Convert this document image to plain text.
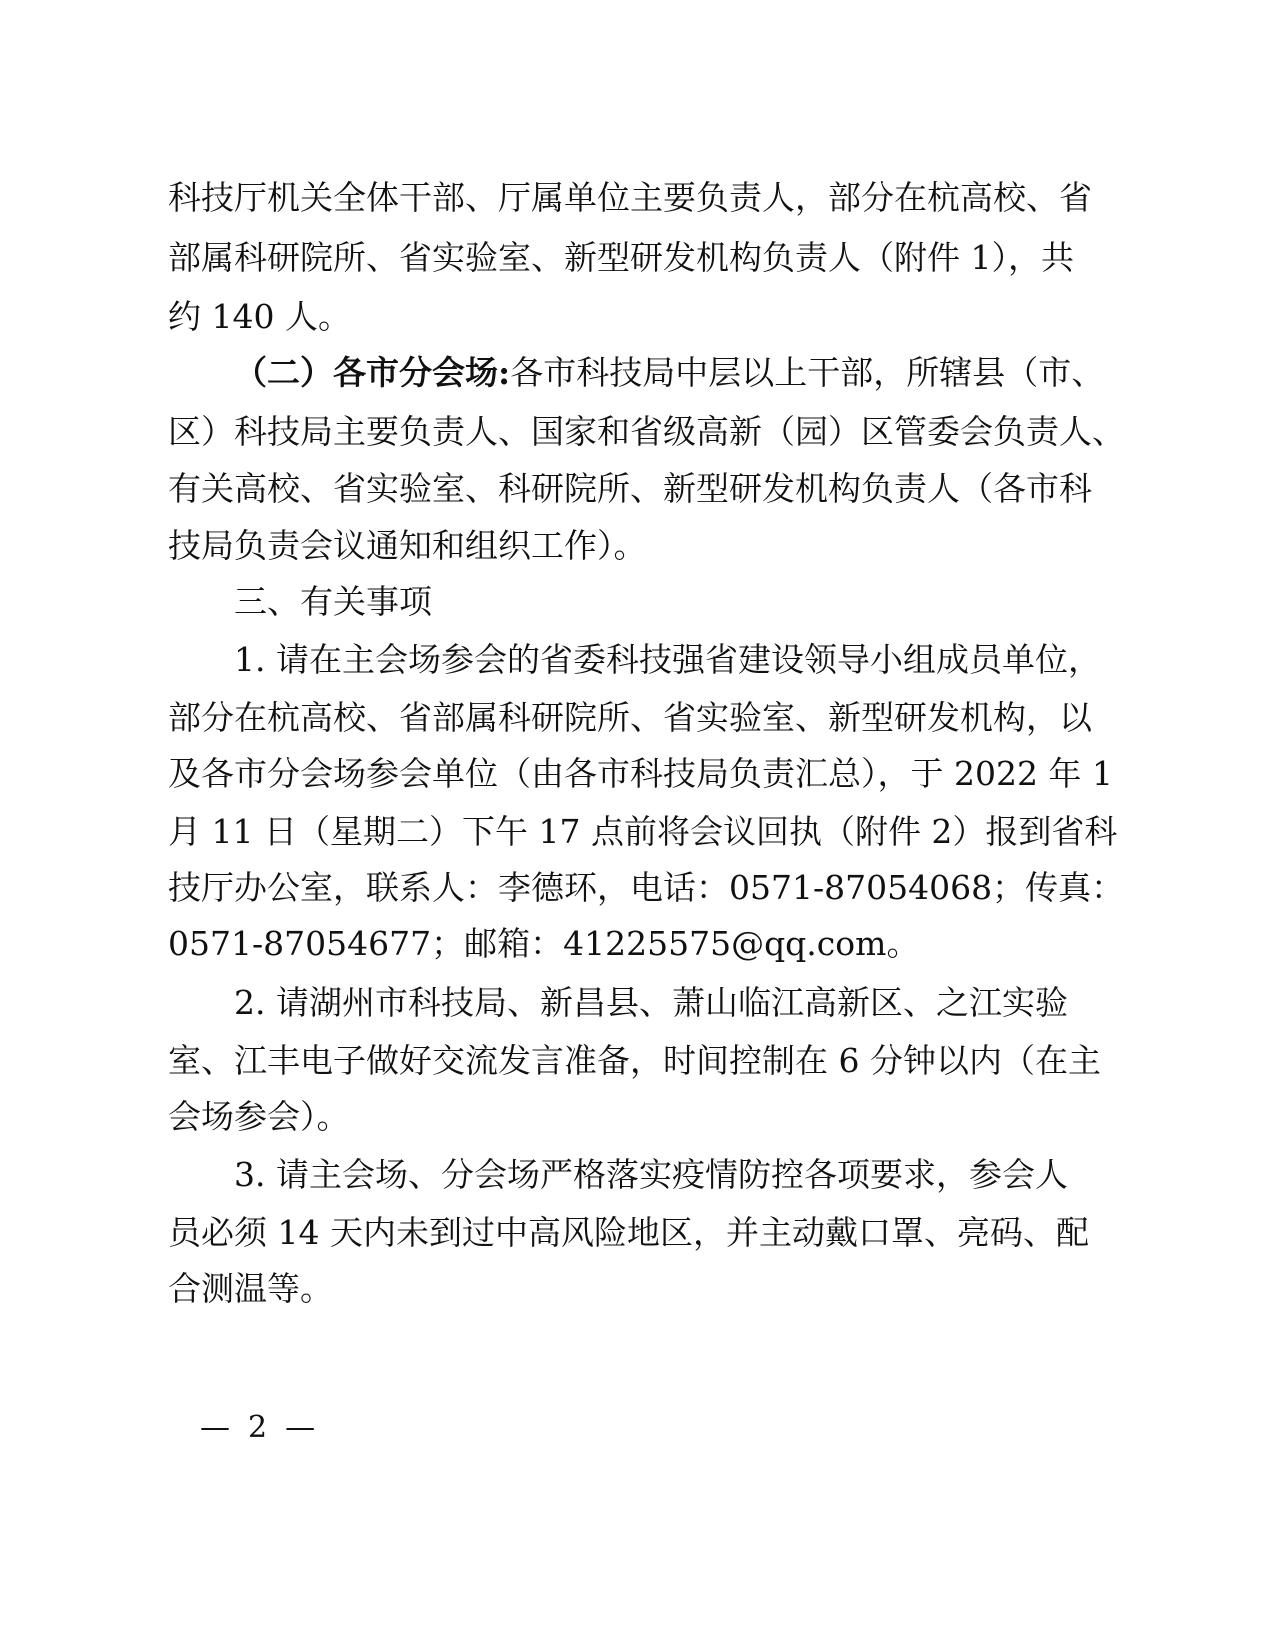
科技厅机关全体干部、厅属单位主要负责人，部分在杭高校、省
部属科研院所、省实验室、新型研发机构负责人（附件 1），共
约 140 人。
（二）各市分会场:各市科技局中层以上干部，所辖县（市、
区）科技局主要负责人、国家和省级高新（园）区管委会负责人、
有关高校、省实验室、科研院所、新型研发机构负责人（各市科
技局负责会议通知和组织工作）。
三、有关事项
1. 请在主会场参会的省委科技强省建设领导小组成员单位，
部分在杭高校、省部属科研院所、省实验室、新型研发机构，以
及各市分会场参会单位（由各市科技局负责汇总），于 2022 年 1
月 11 日（星期二）下午 17 点前将会议回执（附件 2）报到省科
技厅办公室，联系人：李德环，电话：0571-87054068；传真：
0571-87054677；邮箱：41225575@qq.com。
2. 请湖州市科技局、新昌县、萧山临江高新区、之江实验
室、江丰电子做好交流发言准备，时间控制在 6 分钟以内（在主
会场参会）。
3. 请主会场、分会场严格落实疫情防控各项要求，参会人
员必须 14 天内未到过中高风险地区，并主动戴口罩、亮码、配
合测温等。
— 2 —
